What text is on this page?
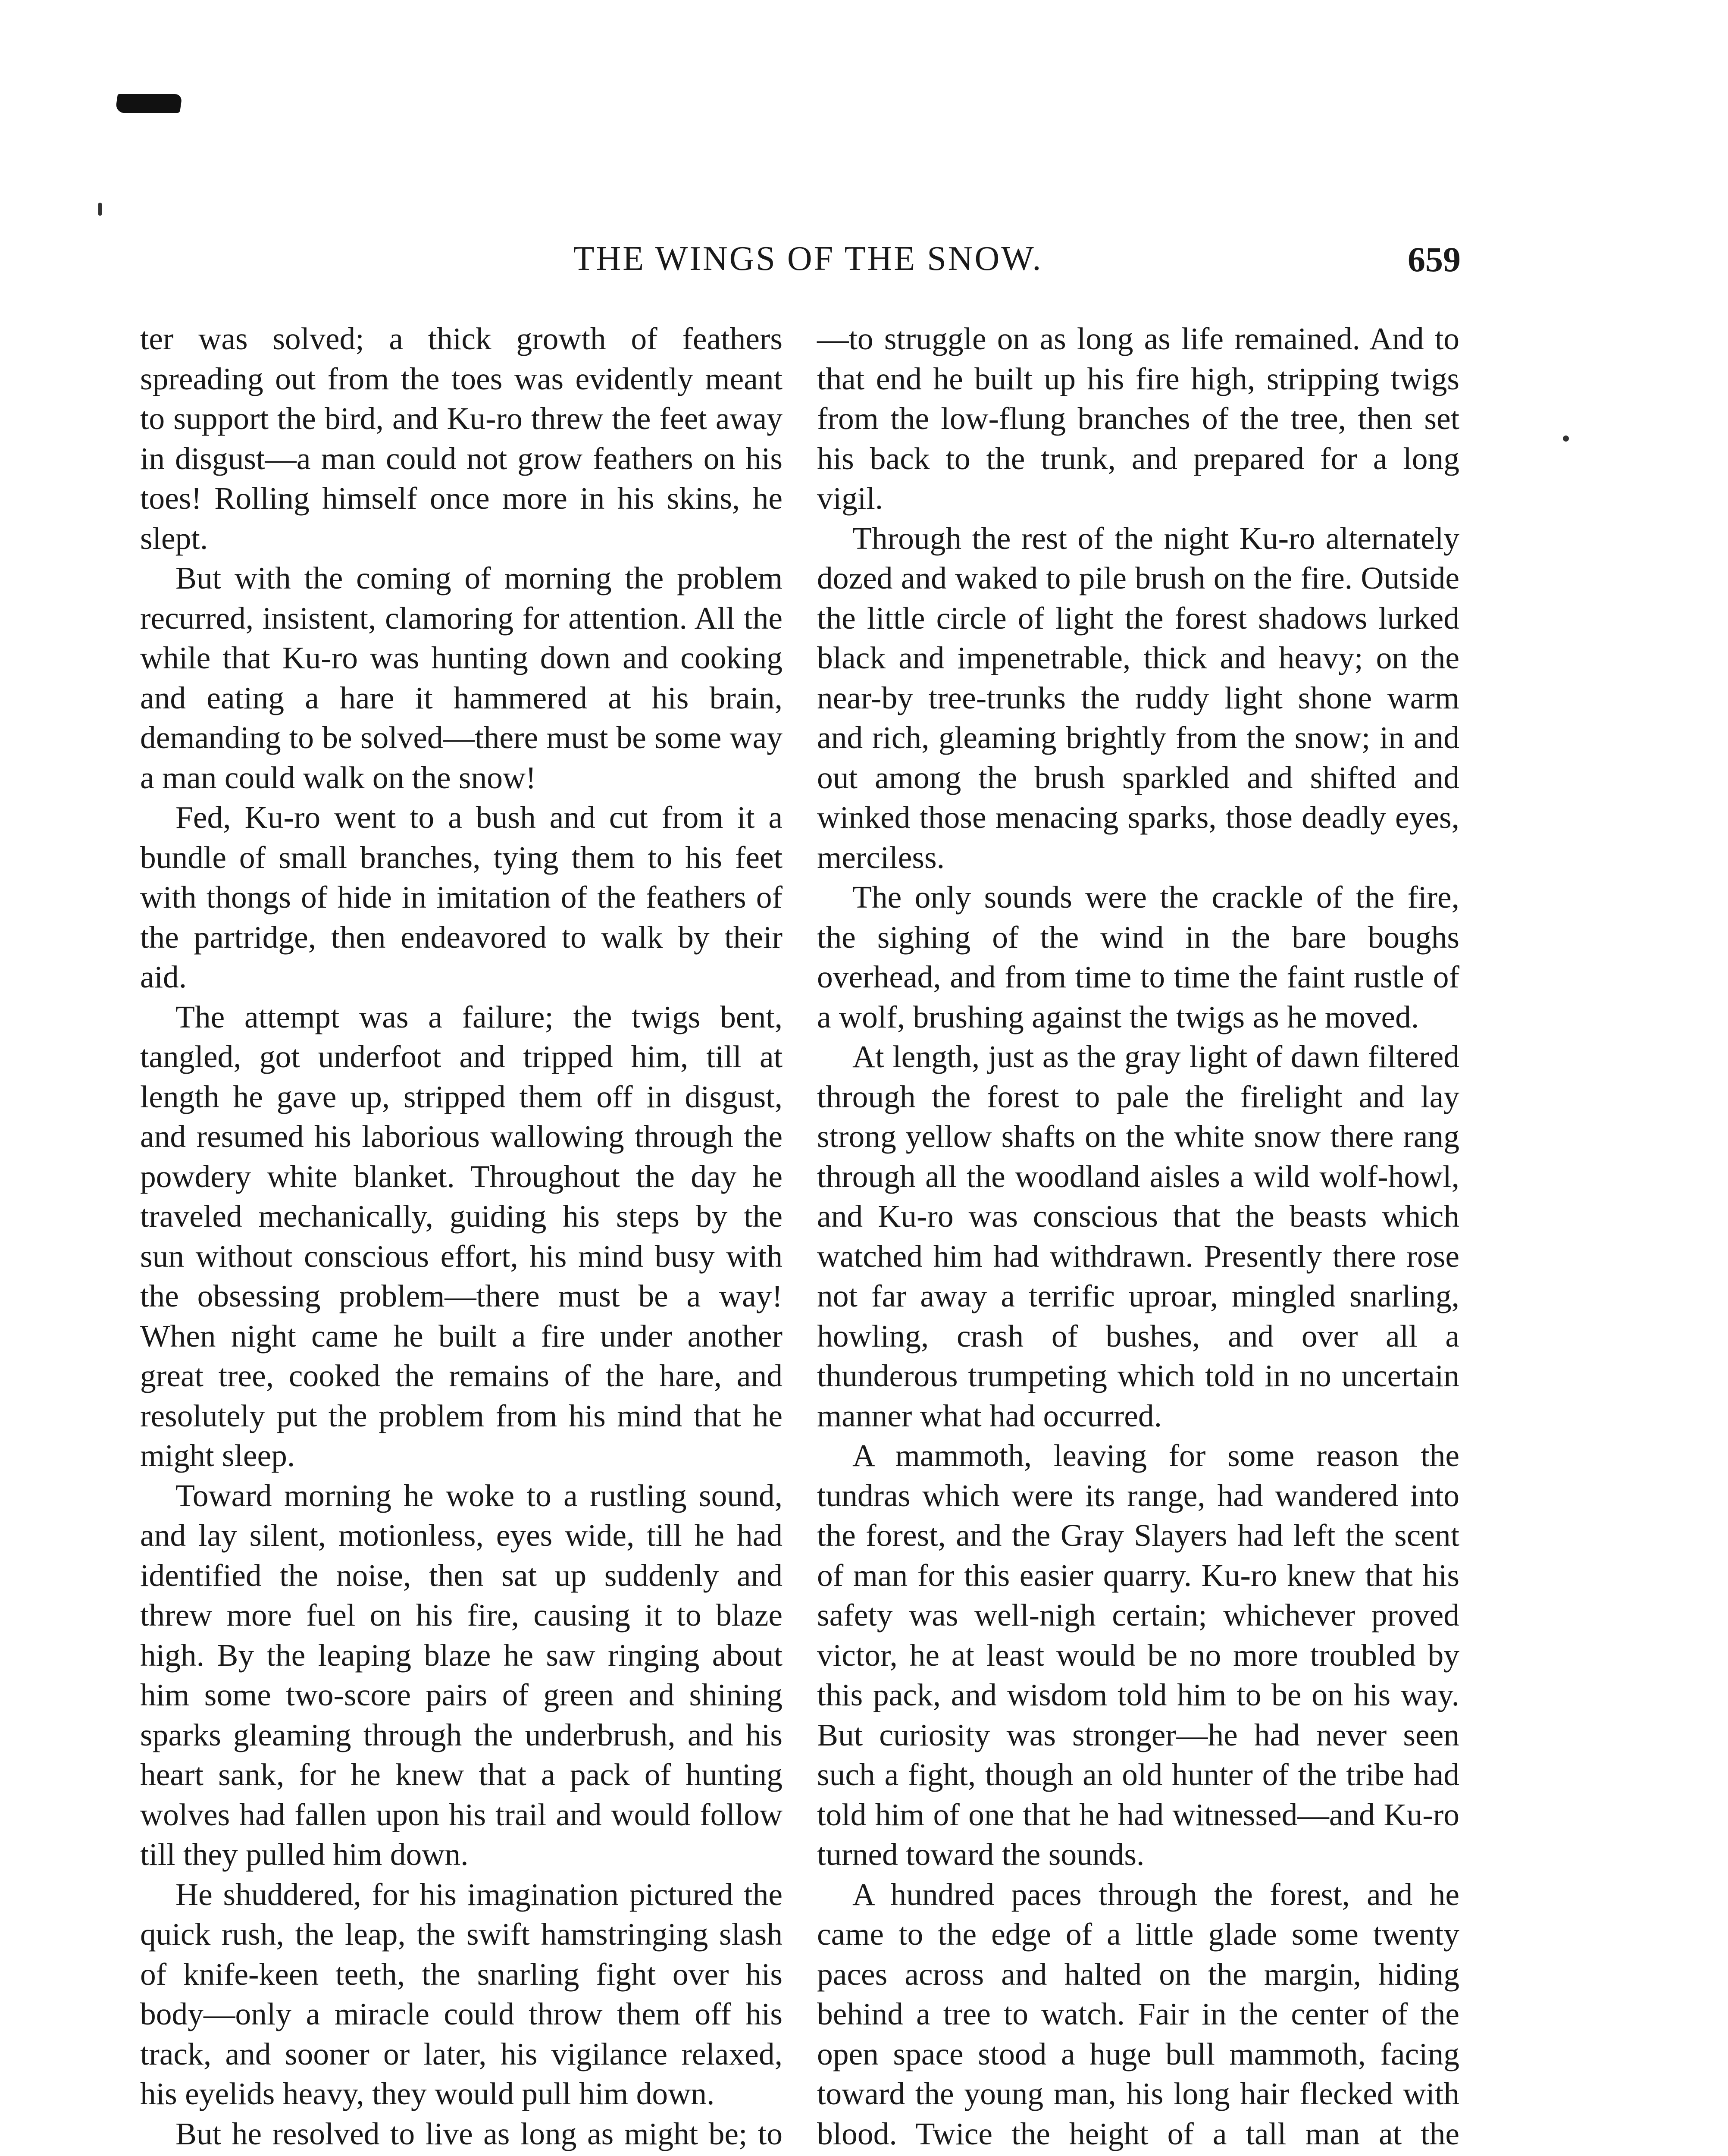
THE WINGS OF THE SNOW.	659

ter was solved; a thick growth of feathers spreading out from the toes was evidently meant to support the bird, and Ku-ro threw the feet away in disgust—a man could not grow feathers on his toes! Rolling himself once more in his skins, he slept.

But with the coming of morning the problem recurred, insistent, clamoring for attention. All the while that Ku-ro was hunting down and cooking and eating a hare it hammered at his brain, demanding to be solved—there must be some way a man could walk on the snow!

Fed, Ku-ro went to a bush and cut from it a bundle of small branches, tying them to his feet with thongs of hide in imitation of the feathers of the partridge, then endeavored to walk by their aid.

The attempt was a failure; the twigs bent, tangled, got underfoot and tripped him, till at length he gave up, stripped them off in disgust, and resumed his laborious wallowing through the powdery white blanket. Throughout the day he traveled mechanically, guiding his steps by the sun without conscious effort, his mind busy with the obsessing problem—there must be a way! When night came he built a fire under another great tree, cooked the remains of the hare, and resolutely put the problem from his mind that he might sleep.

Toward morning he woke to a rustling sound, and lay silent, motionless, eyes wide, till he had identified the noise, then sat up suddenly and threw more fuel on his fire, causing it to blaze high. By the leaping blaze he saw ringing about him some two-score pairs of green and shining sparks gleaming through the underbrush, and his heart sank, for he knew that a pack of hunting wolves had fallen upon his trail and would follow till they pulled him down.

He shuddered, for his imagination pictured the quick rush, the leap, the swift hamstringing slash of knife-keen teeth, the snarling fight over his body—only a miracle could throw them off his track, and sooner or later, his vigilance relaxed, his eyelids heavy, they would pull him down.

But he resolved to live as long as might be; to

—to struggle on as long as life remained. And to that end he built up his fire high, stripping twigs from the low-flung branches of the tree, then set his back to the trunk, and prepared for a long vigil.

Through the rest of the night Ku-ro alternately dozed and waked to pile brush on the fire. Outside the little circle of light the forest shadows lurked black and impenetrable, thick and heavy; on the near-by tree-trunks the ruddy light shone warm and rich, gleaming brightly from the snow; in and out among the brush sparkled and shifted and winked those menacing sparks, those deadly eyes, merciless.

The only sounds were the crackle of the fire, the sighing of the wind in the bare boughs overhead, and from time to time the faint rustle of a wolf, brushing against the twigs as he moved.

At length, just as the gray light of dawn filtered through the forest to pale the firelight and lay strong yellow shafts on the white snow there rang through all the woodland aisles a wild wolf-howl, and Ku-ro was conscious that the beasts which watched him had withdrawn. Presently there rose not far away a terrific uproar, mingled snarling, howling, crash of bushes, and over all a thunderous trumpeting which told in no uncertain manner what had occurred.

A mammoth, leaving for some reason the tundras which were its range, had wandered into the forest, and the Gray Slayers had left the scent of man for this easier quarry. Ku-ro knew that his safety was well-nigh certain; whichever proved victor, he at least would be no more troubled by this pack, and wisdom told him to be on his way. But curiosity was stronger—he had never seen such a fight, though an old hunter of the tribe had told him of one that he had witnessed—and Ku-ro turned toward the sounds.

A hundred paces through the forest, and he came to the edge of a little glade some twenty paces across and halted on the margin, hiding behind a tree to watch. Fair in the center of the open space stood a huge bull mammoth, facing toward the young man, his long hair flecked with blood. Twice the height of a tall man at the
